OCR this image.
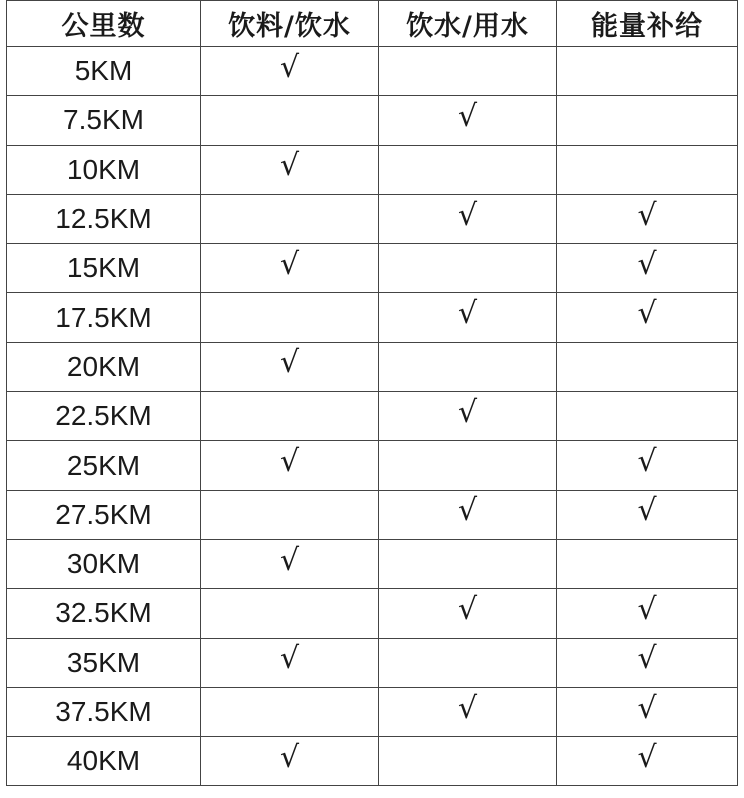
公里数	饮料/饮水	饮水/用水	能量补给
5KM	√		
7.5KM		√	
10KM	√		
12.5KM		√	√
15KM	√		√
17.5KM		√	√
20KM	√		
22.5KM		√	
25KM	√		√
27.5KM		√	√
30KM	√		
32.5KM		√	√
35KM	√		√
37.5KM		√	√
40KM	√		√
